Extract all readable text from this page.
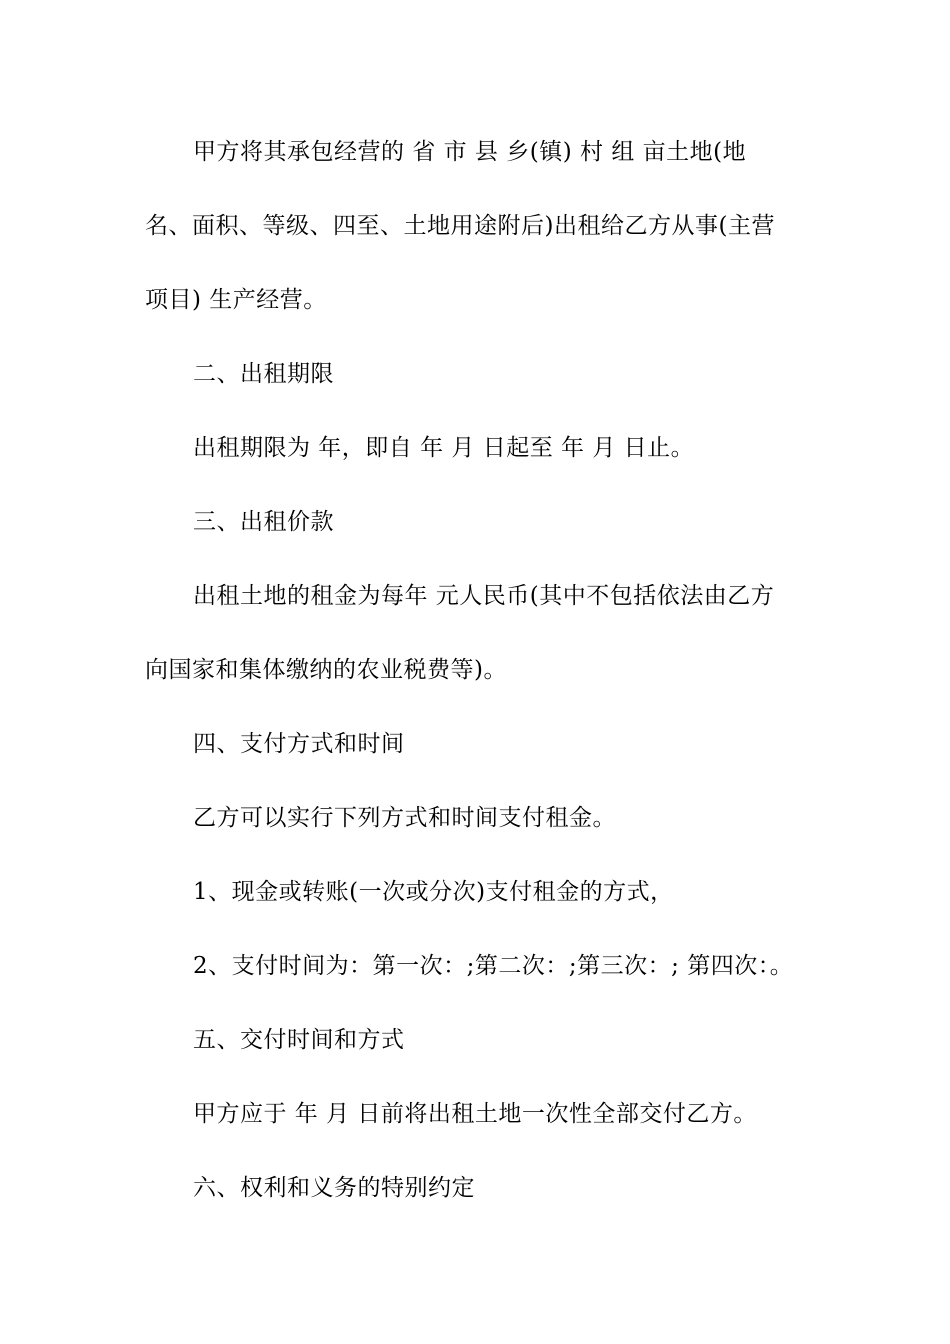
甲方将其承包经营的 省 市 县 乡(镇) 村 组 亩土地(地
名、面积、等级、四至、土地用途附后)出租给乙方从事(主营
项目) 生产经营。
二、出租期限
出租期限为 年，即自 年 月 日起至 年 月 日止。
三、出租价款
出租土地的租金为每年 元人民币(其中不包括依法由乙方
向国家和集体缴纳的农业税费等)。
四、支付方式和时间
乙方可以实行下列方式和时间支付租金。
1、现金或转账(一次或分次)支付租金的方式，
2、支付时间为：第一次：;第二次：;第三次：; 第四次：。
五、交付时间和方式
甲方应于 年 月 日前将出租土地一次性全部交付乙方。
六、权利和义务的特别约定
